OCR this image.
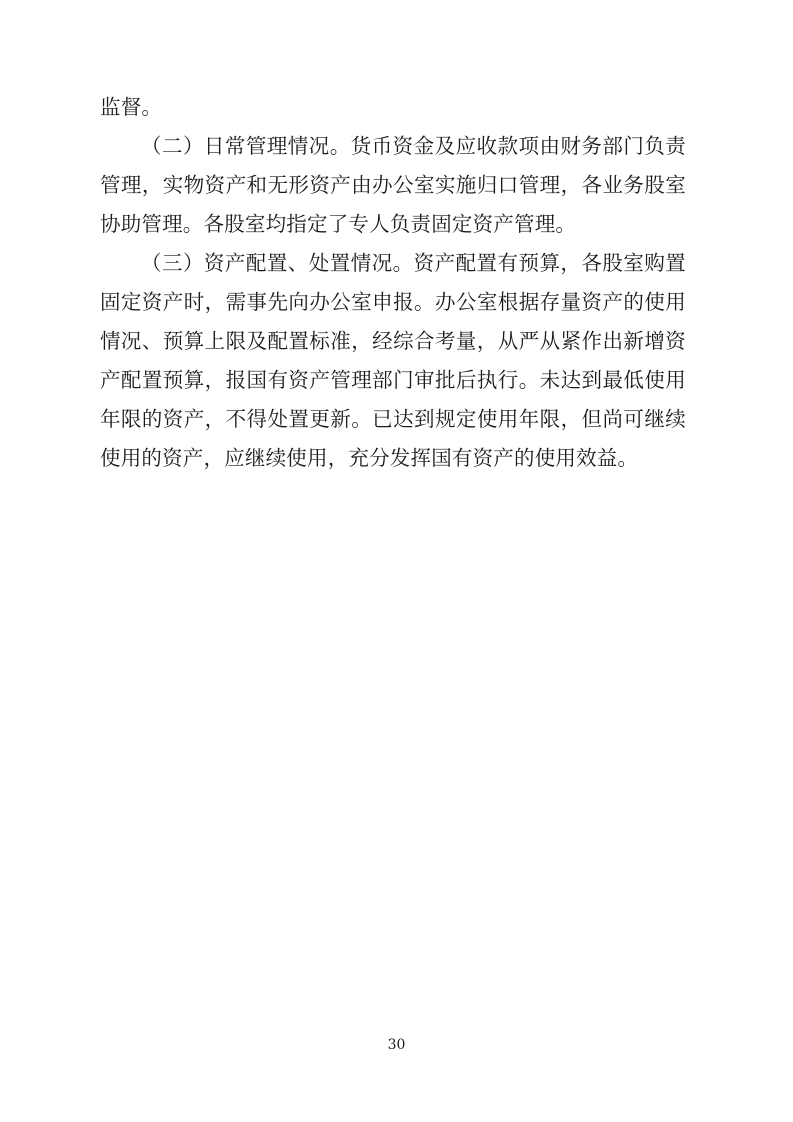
监督。

（二）日常管理情况。货币资金及应收款项由财务部门负责管理，实物资产和无形资产由办公室实施归口管理，各业务股室协助管理。各股室均指定了专人负责固定资产管理。

（三）资产配置、处置情况。资产配置有预算，各股室购置固定资产时，需事先向办公室申报。办公室根据存量资产的使用情况、预算上限及配置标准，经综合考量，从严从紧作出新增资产配置预算，报国有资产管理部门审批后执行。未达到最低使用年限的资产，不得处置更新。已达到规定使用年限，但尚可继续使用的资产，应继续使用，充分发挥国有资产的使用效益。

30
